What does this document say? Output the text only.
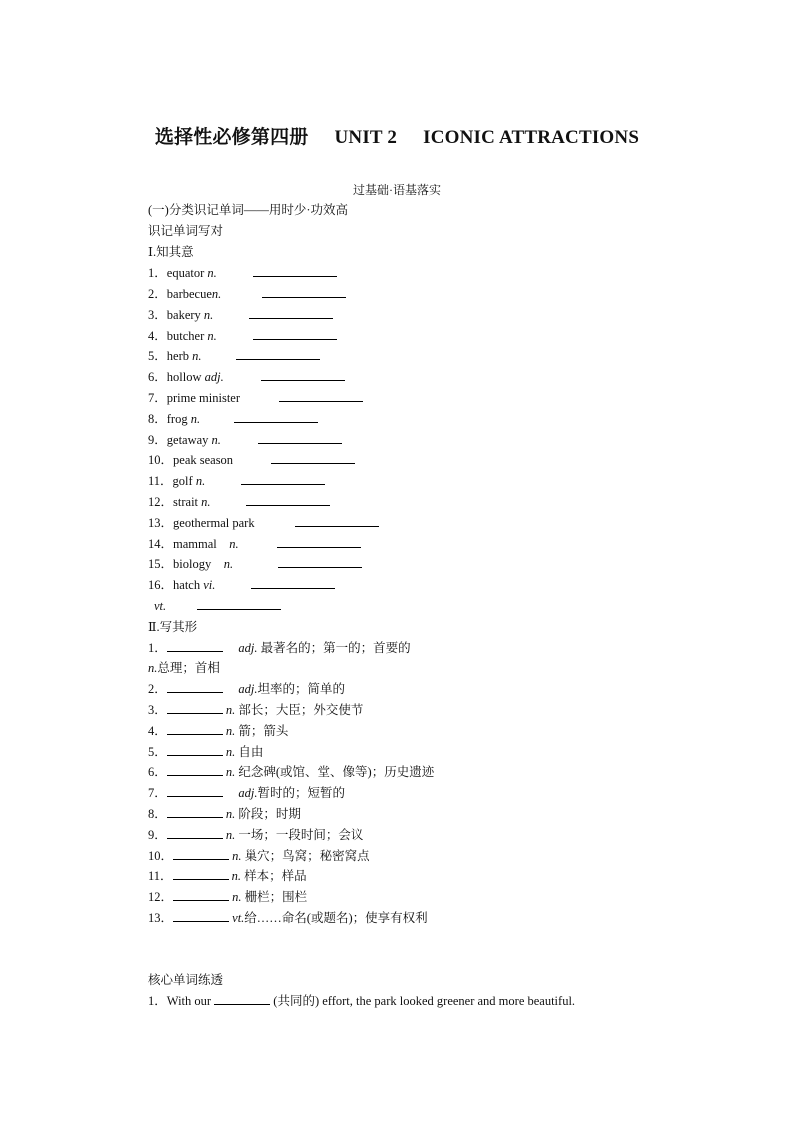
选择性必修第四册 UNIT 2 ICONIC ATTRACTIONS
过基础·语基落实
(一)分类识记单词——用时少·功效高
识记单词写对
Ⅰ.知其意
1．equator n.
2．barbecuen.
3．bakery n.
4．butcher n.
5．herb n.
6．hollow adj.
7．prime minister
8．frog n.
9．getaway n.
10．peak season
11．golf n.
12．strait n.
13．geothermal park
14．mammal n.
15．biology n.
16．hatch vi.
vt.
Ⅱ.写其形
1．	adj. 最著名的；第一的；首要的
n.总理；首相
2．	adj.坦率的；简单的
3．	n. 部长；大臣；外交使节
4．	n. 箭；箭头
5．	n. 自由
6．	n. 纪念碑(或馆、堂、像等)；历史遗迹
7．	adj.暂时的；短暂的
8．	n. 阶段；时期
9．	n. 一场；一段时间；会议
10．	n. 巢穴；鸟窝；秘密窝点
11．	n. 样本；样品
12．	n. 栅栏；围栏
13．	vt.给……命名(或题名)；使享有权利
核心单词练透
1．With our	(共同的) effort, the park looked greener and more beautiful.
